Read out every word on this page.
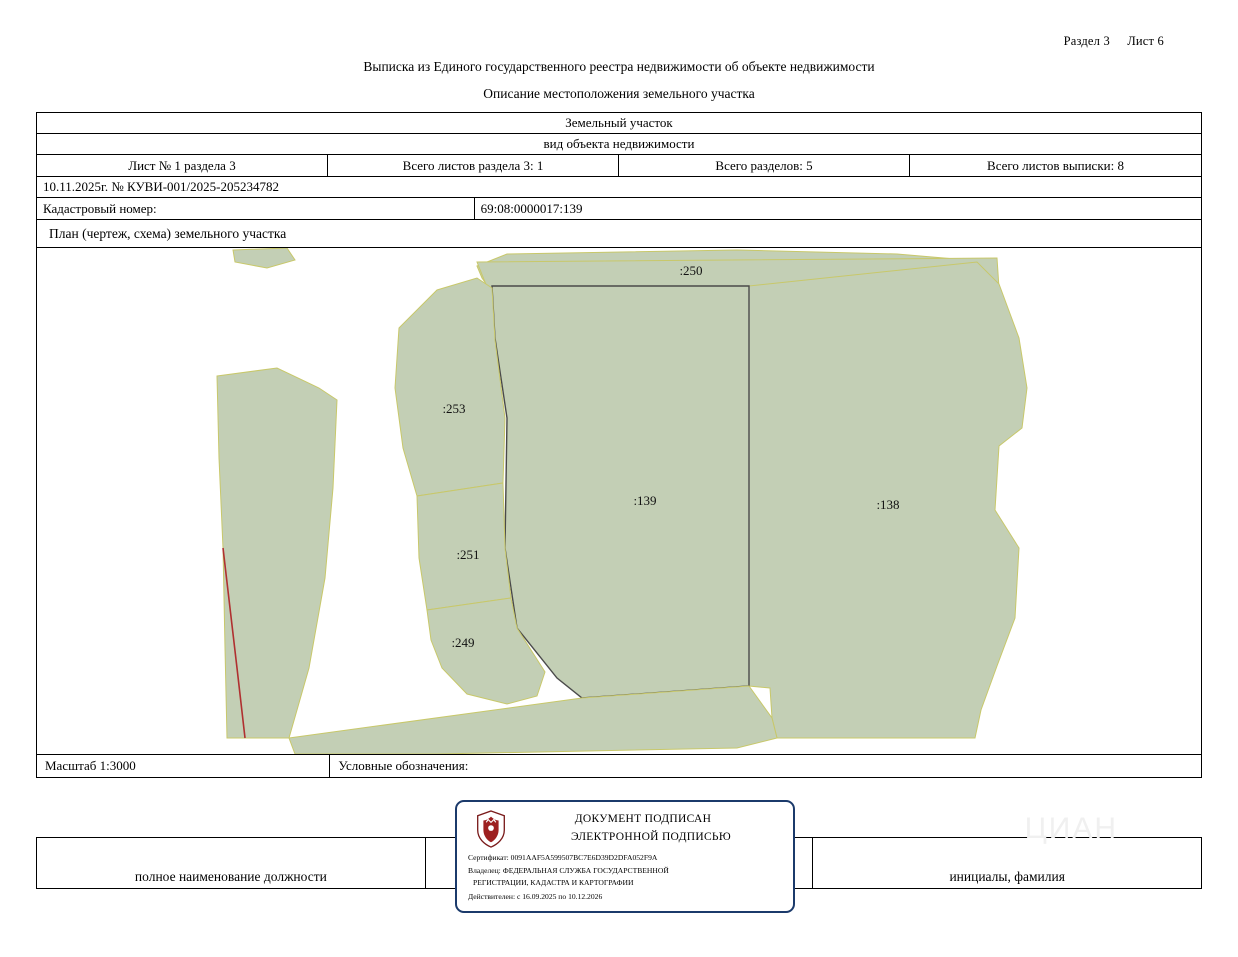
Раздел 3 Лист 6
Выписка из Единого государственного реестра недвижимости об объекте недвижимости
Описание местоположения земельного участка
Земельный участок
вид объекта недвижимости
Лист № 1 раздела 3	Всего листов раздела 3: 1	Всего разделов: 5	Всего листов выписки: 8
10.11.2025г. № КУВИ-001/2025-205234782
Кадастровый номер:	69:08:0000017:139
План (чертеж, схема) земельного участка
:250
:253
:139	:138
:251
:249
Масштаб 1:3000	Условные обозначения:
ЦИАН
полное наименование должности	инициалы, фамилия
ДОКУМЕНТ ПОДПИСАН
ЭЛЕКТРОННОЙ ПОДПИСЬЮ
Сертификат: 0091AAF5A599507BC7E6D39D2DFA052F9A
Владелец: ФЕДЕРАЛЬНАЯ СЛУЖБА ГОСУДАРСТВЕННОЙ
РЕГИСТРАЦИИ, КАДАСТРА И КАРТОГРАФИИ
Действителен: с 16.09.2025 по 10.12.2026
